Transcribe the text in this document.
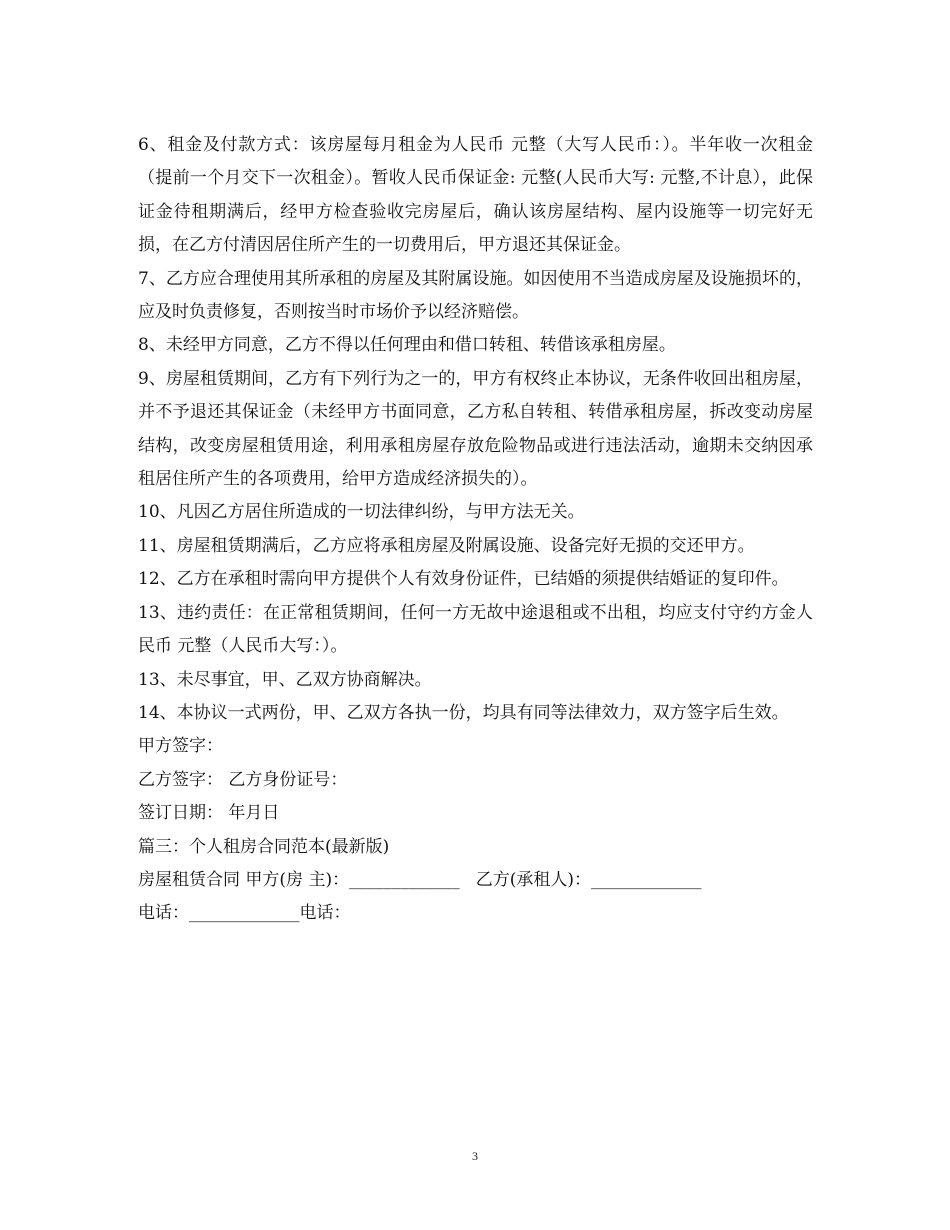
6、租金及付款方式：该房屋每月租金为人民币 元整（大写人民币：）。半年收一次租金（提前一个月交下一次租金）。暂收人民币保证金: 元整(人民币大写: 元整,不计息），此保证金待租期满后，经甲方检查验收完房屋后，确认该房屋结构、屋内设施等一切完好无损，在乙方付清因居住所产生的一切费用后，甲方退还其保证金。

7、乙方应合理使用其所承租的房屋及其附属设施。如因使用不当造成房屋及设施损坏的，应及时负责修复，否则按当时市场价予以经济赔偿。

8、未经甲方同意，乙方不得以任何理由和借口转租、转借该承租房屋。

9、房屋租赁期间，乙方有下列行为之一的，甲方有权终止本协议，无条件收回出租房屋，并不予退还其保证金（未经甲方书面同意，乙方私自转租、转借承租房屋，拆改变动房屋结构，改变房屋租赁用途，利用承租房屋存放危险物品或进行违法活动，逾期未交纳因承租居住所产生的各项费用，给甲方造成经济损失的）。

10、凡因乙方居住所造成的一切法律纠纷，与甲方法无关。

11、房屋租赁期满后，乙方应将承租房屋及附属设施、设备完好无损的交还甲方。

12、乙方在承租时需向甲方提供个人有效身份证件，已结婚的须提供结婚证的复印件。

13、违约责任：在正常租赁期间，任何一方无故中途退租或不出租，均应支付守约方金人民币 元整（人民币大写：）。

13、未尽事宜，甲、乙双方协商解决。

14、本协议一式两份，甲、乙双方各执一份，均具有同等法律效力，双方签字后生效。

甲方签字：

乙方签字： 乙方身份证号：

签订日期： 年月日

篇三：个人租房合同范本(最新版)

房屋租赁合同 甲方(房 主)：_____________   乙方(承租人)：_____________

电话：_____________电话：

3
